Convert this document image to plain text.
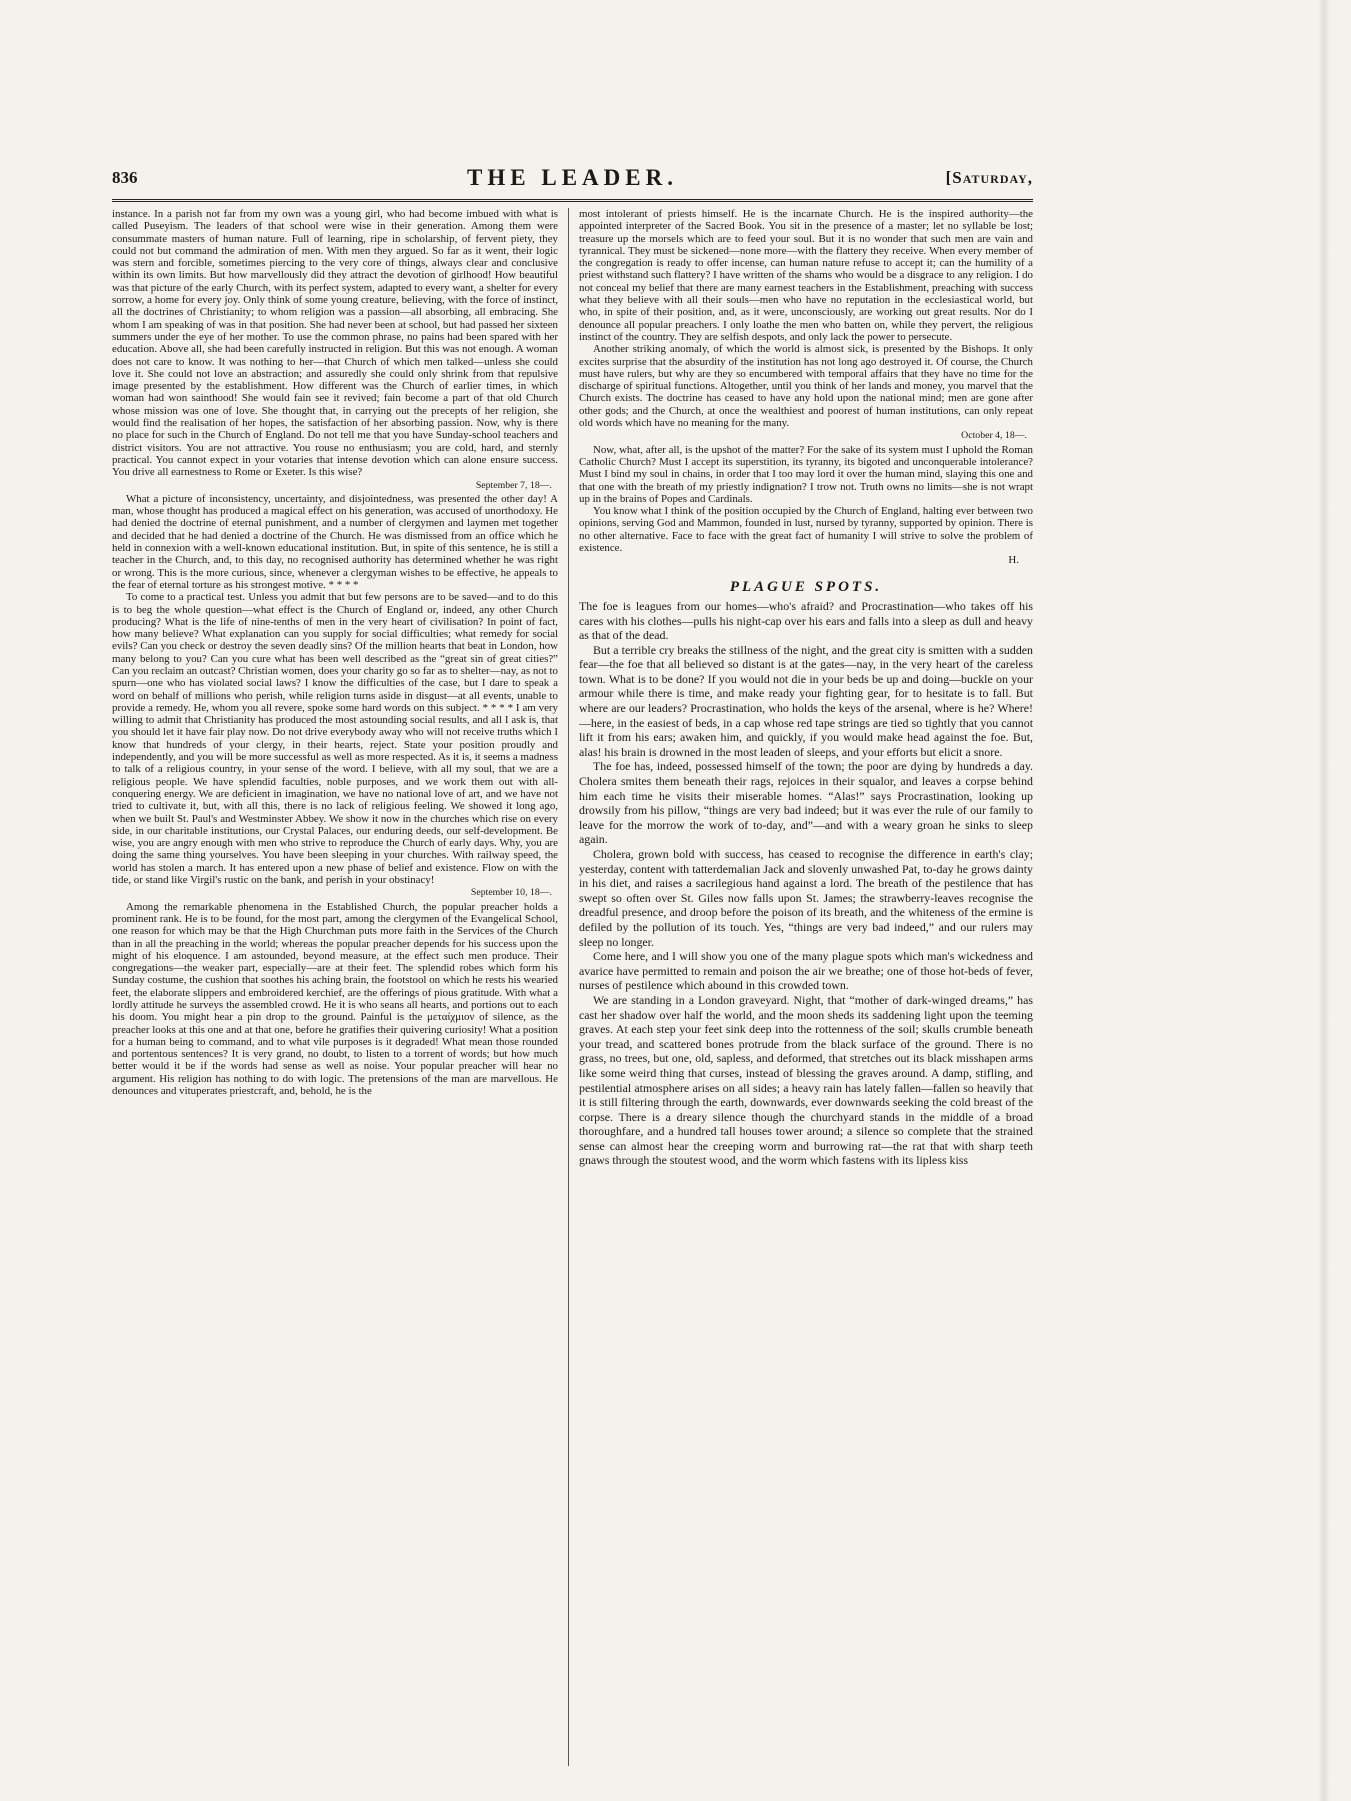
836	THE LEADER.	[Saturday,

instance. In a parish not far from my own was a young girl, who had become imbued with what is called Puseyism. The leaders of that school were wise in their generation. Among them were consummate masters of human nature. Full of learning, ripe in scholarship, of fervent piety, they could not but command the admiration of men. With men they argued. So far as it went, their logic was stern and forcible, sometimes piercing to the very core of things, always clear and conclusive within its own limits. But how marvellously did they attract the devotion of girlhood! How beautiful was that picture of the early Church, with its perfect system, adapted to every want, a shelter for every sorrow, a home for every joy. Only think of some young creature, believing, with the force of instinct, all the doctrines of Christianity; to whom religion was a passion—all absorbing, all embracing. She whom I am speaking of was in that position. She had never been at school, but had passed her sixteen summers under the eye of her mother. To use the common phrase, no pains had been spared with her education. Above all, she had been carefully instructed in religion. But this was not enough. A woman does not care to know. It was nothing to her—that Church of which men talked—unless she could love it. She could not love an abstraction; and assuredly she could only shrink from that repulsive image presented by the establishment. How different was the Church of earlier times, in which woman had won sainthood! She would fain see it revived; fain become a part of that old Church whose mission was one of love. She thought that, in carrying out the precepts of her religion, she would find the realisation of her hopes, the satisfaction of her absorbing passion. Now, why is there no place for such in the Church of England. Do not tell me that you have Sunday-school teachers and district visitors. You are not attractive. You rouse no enthusiasm; you are cold, hard, and sternly practical. You cannot expect in your votaries that intense devotion which can alone ensure success. You drive all earnestness to Rome or Exeter. Is this wise?

September 7, 18—.

What a picture of inconsistency, uncertainty, and disjointedness, was presented the other day! A man, whose thought has produced a magical effect on his generation, was accused of unorthodoxy. He had denied the doctrine of eternal punishment, and a number of clergymen and laymen met together and decided that he had denied a doctrine of the Church. He was dismissed from an office which he held in connexion with a well-known educational institution. But, in spite of this sentence, he is still a teacher in the Church, and, to this day, no recognised authority has determined whether he was right or wrong. This is the more curious, since, whenever a clergyman wishes to be effective, he appeals to the fear of eternal torture as his strongest motive. * * * *

To come to a practical test. Unless you admit that but few persons are to be saved—and to do this is to beg the whole question—what effect is the Church of England or, indeed, any other Church producing? What is the life of nine-tenths of men in the very heart of civilisation? In point of fact, how many believe? What explanation can you supply for social difficulties; what remedy for social evils? Can you check or destroy the seven deadly sins? Of the million hearts that beat in London, how many belong to you? Can you cure what has been well described as the “great sin of great cities?” Can you reclaim an outcast? Christian women, does your charity go so far as to shelter—nay, as not to spurn—one who has violated social laws? I know the difficulties of the case, but I dare to speak a word on behalf of millions who perish, while religion turns aside in disgust—at all events, unable to provide a remedy. He, whom you all revere, spoke some hard words on this subject. * * * * I am very willing to admit that Christianity has produced the most astounding social results, and all I ask is, that you should let it have fair play now. Do not drive everybody away who will not receive truths which I know that hundreds of your clergy, in their hearts, reject. State your position proudly and independently, and you will be more successful as well as more respected. As it is, it seems a madness to talk of a religious country, in your sense of the word. I believe, with all my soul, that we are a religious people. We have splendid faculties, noble purposes, and we work them out with all-conquering energy. We are deficient in imagination, we have no national love of art, and we have not tried to cultivate it, but, with all this, there is no lack of religious feeling. We showed it long ago, when we built St. Paul's and Westminster Abbey. We show it now in the churches which rise on every side, in our charitable institutions, our Crystal Palaces, our enduring deeds, our self-development. Be wise, you are angry enough with men who strive to reproduce the Church of early days. Why, you are doing the same thing yourselves. You have been sleeping in your churches. With railway speed, the world has stolen a march. It has entered upon a new phase of belief and existence. Flow on with the tide, or stand like Virgil's rustic on the bank, and perish in your obstinacy!

September 10, 18—.

Among the remarkable phenomena in the Established Church, the popular preacher holds a prominent rank. He is to be found, for the most part, among the clergymen of the Evangelical School, one reason for which may be that the High Churchman puts more faith in the Services of the Church than in all the preaching in the world; whereas the popular preacher depends for his success upon the might of his eloquence. I am astounded, beyond measure, at the effect such men produce. Their congregations—the weaker part, especially—are at their feet. The splendid robes which form his Sunday costume, the cushion that soothes his aching brain, the footstool on which he rests his wearied feet, the elaborate slippers and embroidered kerchief, are the offerings of pious gratitude. With what a lordly attitude he surveys the assembled crowd. He it is who seans all hearts, and portions out to each his doom. You might hear a pin drop to the ground. Painful is the μεταίχμιον of silence, as the preacher looks at this one and at that one, before he gratifies their quivering curiosity! What a position for a human being to command, and to what vile purposes is it degraded! What mean those rounded and portentous sentences? It is very grand, no doubt, to listen to a torrent of words; but how much better would it be if the words had sense as well as noise. Your popular preacher will hear no argument. His religion has nothing to do with logic. The pretensions of the man are marvellous. He denounces and vituperates priestcraft, and, behold, he is the

most intolerant of priests himself. He is the incarnate Church. He is the inspired authority—the appointed interpreter of the Sacred Book. You sit in the presence of a master; let no syllable be lost; treasure up the morsels which are to feed your soul. But it is no wonder that such men are vain and tyrannical. They must be sickened—none more—with the flattery they receive. When every member of the congregation is ready to offer incense, can human nature refuse to accept it; can the humility of a priest withstand such flattery? I have written of the shams who would be a disgrace to any religion. I do not conceal my belief that there are many earnest teachers in the Establishment, preaching with success what they believe with all their souls—men who have no reputation in the ecclesiastical world, but who, in spite of their position, and, as it were, unconsciously, are working out great results. Nor do I denounce all popular preachers. I only loathe the men who batten on, while they pervert, the religious instinct of the country. They are selfish despots, and only lack the power to persecute.

Another striking anomaly, of which the world is almost sick, is presented by the Bishops. It only excites surprise that the absurdity of the institution has not long ago destroyed it. Of course, the Church must have rulers, but why are they so encumbered with temporal affairs that they have no time for the discharge of spiritual functions. Altogether, until you think of her lands and money, you marvel that the Church exists. The doctrine has ceased to have any hold upon the national mind; men are gone after other gods; and the Church, at once the wealthiest and poorest of human institutions, can only repeat old words which have no meaning for the many.

October 4, 18—.

Now, what, after all, is the upshot of the matter? For the sake of its system must I uphold the Roman Catholic Church? Must I accept its superstition, its tyranny, its bigoted and unconquerable intolerance? Must I bind my soul in chains, in order that I too may lord it over the human mind, slaying this one and that one with the breath of my priestly indignation? I trow not. Truth owns no limits—she is not wrapt up in the brains of Popes and Cardinals.

You know what I think of the position occupied by the Church of England, halting ever between two opinions, serving God and Mammon, founded in lust, nursed by tyranny, supported by opinion. There is no other alternative. Face to face with the great fact of humanity I will strive to solve the problem of existence.

H.

PLAGUE SPOTS.

The foe is leagues from our homes—who's afraid? and Procrastination—who takes off his cares with his clothes—pulls his night-cap over his ears and falls into a sleep as dull and heavy as that of the dead.

But a terrible cry breaks the stillness of the night, and the great city is smitten with a sudden fear—the foe that all believed so distant is at the gates—nay, in the very heart of the careless town. What is to be done? If you would not die in your beds be up and doing—buckle on your armour while there is time, and make ready your fighting gear, for to hesitate is to fall. But where are our leaders? Procrastination, who holds the keys of the arsenal, where is he? Where!—here, in the easiest of beds, in a cap whose red tape strings are tied so tightly that you cannot lift it from his ears; awaken him, and quickly, if you would make head against the foe. But, alas! his brain is drowned in the most leaden of sleeps, and your efforts but elicit a snore.

The foe has, indeed, possessed himself of the town; the poor are dying by hundreds a day. Cholera smites them beneath their rags, rejoices in their squalor, and leaves a corpse behind him each time he visits their miserable homes. “Alas!” says Procrastination, looking up drowsily from his pillow, “things are very bad indeed; but it was ever the rule of our family to leave for the morrow the work of to-day, and”—and with a weary groan he sinks to sleep again.

Cholera, grown bold with success, has ceased to recognise the difference in earth's clay; yesterday, content with tatterdemalian Jack and slovenly unwashed Pat, to-day he grows dainty in his diet, and raises a sacrilegious hand against a lord. The breath of the pestilence that has swept so often over St. Giles now falls upon St. James; the strawberry-leaves recognise the dreadful presence, and droop before the poison of its breath, and the whiteness of the ermine is defiled by the pollution of its touch. Yes, “things are very bad indeed,” and our rulers may sleep no longer.

Come here, and I will show you one of the many plague spots which man's wickedness and avarice have permitted to remain and poison the air we breathe; one of those hot-beds of fever, nurses of pestilence which abound in this crowded town.

We are standing in a London graveyard. Night, that “mother of dark-winged dreams,” has cast her shadow over half the world, and the moon sheds its saddening light upon the teeming graves. At each step your feet sink deep into the rottenness of the soil; skulls crumble beneath your tread, and scattered bones protrude from the black surface of the ground. There is no grass, no trees, but one, old, sapless, and deformed, that stretches out its black misshapen arms like some weird thing that curses, instead of blessing the graves around. A damp, stifling, and pestilential atmosphere arises on all sides; a heavy rain has lately fallen—fallen so heavily that it is still filtering through the earth, downwards, ever downwards seeking the cold breast of the corpse. There is a dreary silence though the churchyard stands in the middle of a broad thoroughfare, and a hundred tall houses tower around; a silence so complete that the strained sense can almost hear the creeping worm and burrowing rat—the rat that with sharp teeth gnaws through the stoutest wood, and the worm which fastens with its lipless kiss
